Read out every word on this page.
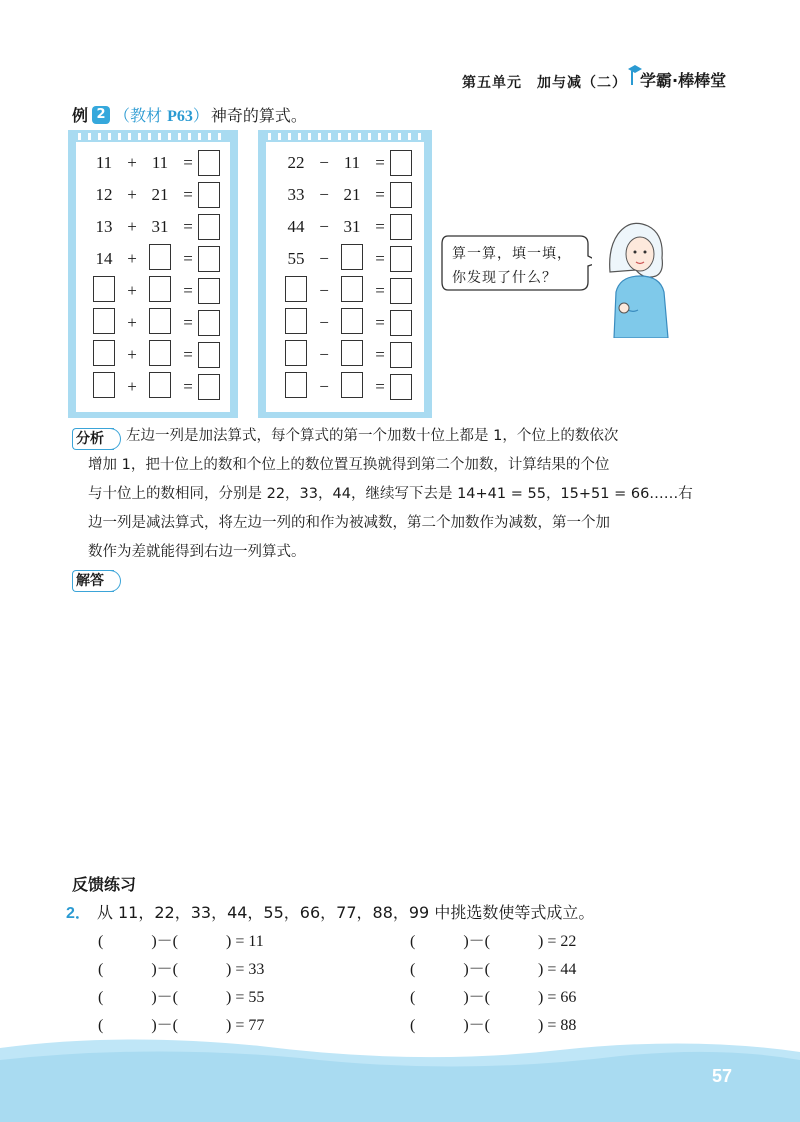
第五单元　加与减（二） 学霸·棒棒堂
例 2 （教材 P63） 神奇的算式。
11 + 11 =
12 + 21 =
13 + 31 =
14 +	=
+	=
+	=
+	=
+	=
22 − 11 =
33 − 21 =
44 − 31 =
55 −	=
−	=
−	=
−	=
−	=
算一算，填一填，
你发现了什么？
分析	左边一列是加法算式，每个算式的第一个加数十位上都是 1，个位上的数依次
增加 1，把十位上的数和个位上的数位置互换就得到第二个加数，计算结果的个位
与十位上的数相同，分别是 22，33，44，继续写下去是 14+41 = 55，15+51 = 66……右
边一列是减法算式，将左边一列的和作为被减数，第二个加数作为减数，第一个加
数作为差就能得到右边一列算式。
解答
反馈练习
2． 从 11，22，33，44，55，66，77，88，99 中挑选数使等式成立。
(　　　)－(　　　) = 11	(　　　)－(　　　) = 22
(　　　)－(　　　) = 33	(　　　)－(　　　) = 44
(　　　)－(　　　) = 55	(　　　)－(　　　) = 66
(　　　)－(　　　) = 77	(　　　)－(　　　) = 88
57
